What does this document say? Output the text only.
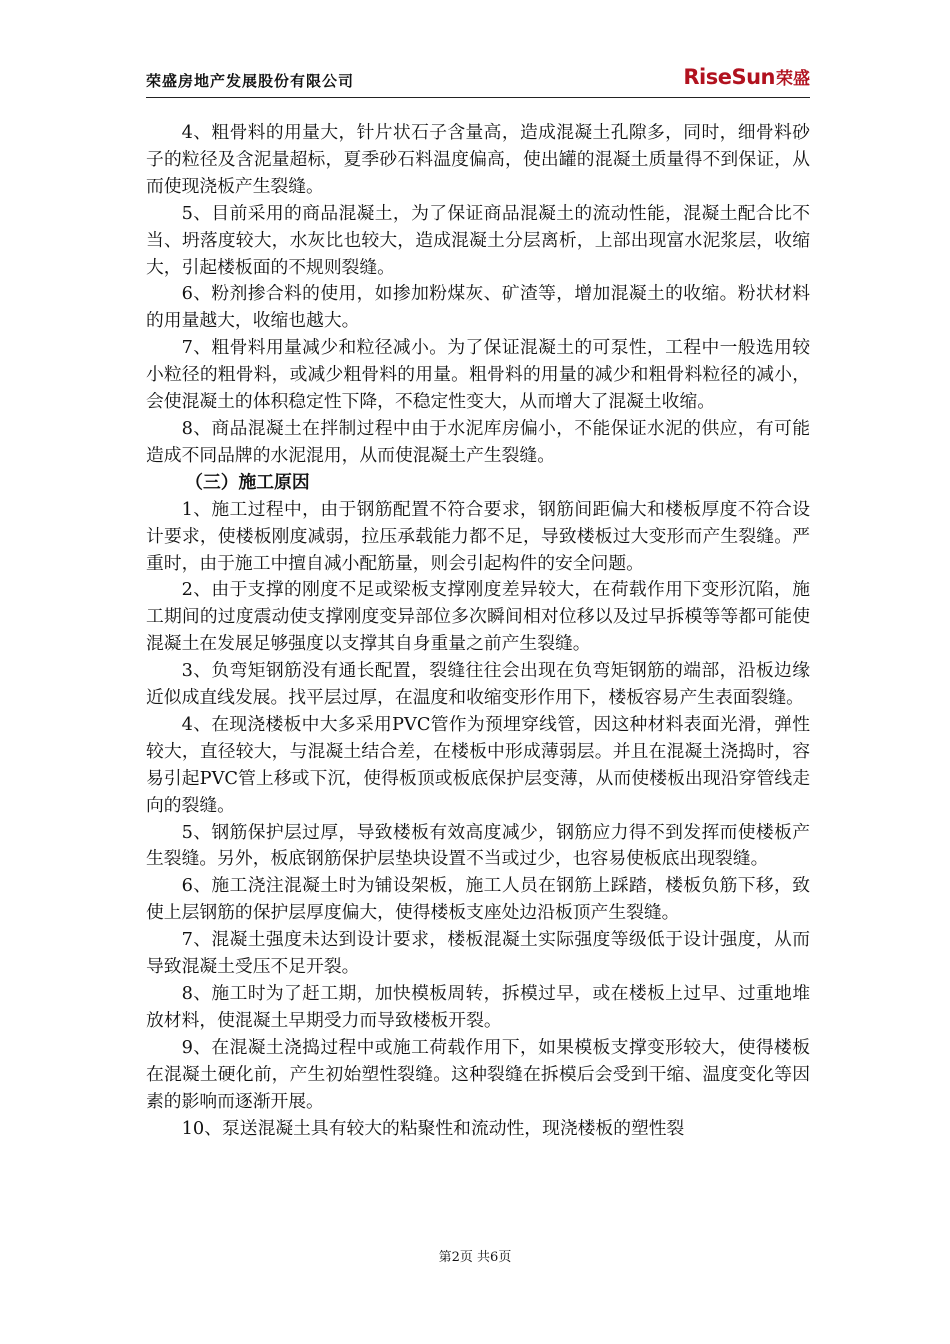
荣盛房地产发展股份有限公司	RiseSun荣盛

4、粗骨料的用量大，针片状石子含量高，造成混凝土孔隙多，同时，细骨料砂子的粒径及含泥量超标，夏季砂石料温度偏高，使出罐的混凝土质量得不到保证，从而使现浇板产生裂缝。

5、目前采用的商品混凝土，为了保证商品混凝土的流动性能，混凝土配合比不当、坍落度较大，水灰比也较大，造成混凝土分层离析，上部出现富水泥浆层，收缩大，引起楼板面的不规则裂缝。

6、粉剂掺合料的使用，如掺加粉煤灰、矿渣等，增加混凝土的收缩。粉状材料的用量越大，收缩也越大。

7、粗骨料用量减少和粒径减小。为了保证混凝土的可泵性，工程中一般选用较小粒径的粗骨料，或减少粗骨料的用量。粗骨料的用量的减少和粗骨料粒径的减小，会使混凝土的体积稳定性下降，不稳定性变大，从而增大了混凝土收缩。

8、商品混凝土在拌制过程中由于水泥库房偏小，不能保证水泥的供应，有可能造成不同品牌的水泥混用，从而使混凝土产生裂缝。

（三）施工原因

1、施工过程中，由于钢筋配置不符合要求，钢筋间距偏大和楼板厚度不符合设计要求，使楼板刚度减弱，拉压承载能力都不足，导致楼板过大变形而产生裂缝。严重时，由于施工中擅自减小配筋量，则会引起构件的安全问题。

2、由于支撑的刚度不足或梁板支撑刚度差异较大，在荷载作用下变形沉陷，施工期间的过度震动使支撑刚度变异部位多次瞬间相对位移以及过早拆模等等都可能使混凝土在发展足够强度以支撑其自身重量之前产生裂缝。

3、负弯矩钢筋没有通长配置，裂缝往往会出现在负弯矩钢筋的端部，沿板边缘近似成直线发展。找平层过厚，在温度和收缩变形作用下，楼板容易产生表面裂缝。

4、在现浇楼板中大多采用PVC管作为预埋穿线管，因这种材料表面光滑，弹性较大，直径较大，与混凝土结合差，在楼板中形成薄弱层。并且在混凝土浇捣时，容易引起PVC管上移或下沉，使得板顶或板底保护层变薄，从而使楼板出现沿穿管线走向的裂缝。

5、钢筋保护层过厚，导致楼板有效高度减少，钢筋应力得不到发挥而使楼板产生裂缝。另外，板底钢筋保护层垫块设置不当或过少，也容易使板底出现裂缝。

6、施工浇注混凝土时为铺设架板，施工人员在钢筋上踩踏，楼板负筋下移，致使上层钢筋的保护层厚度偏大，使得楼板支座处边沿板顶产生裂缝。

7、混凝土强度未达到设计要求，楼板混凝土实际强度等级低于设计强度，从而导致混凝土受压不足开裂。

8、施工时为了赶工期，加快模板周转，拆模过早，或在楼板上过早、过重地堆放材料，使混凝土早期受力而导致楼板开裂。

9、在混凝土浇捣过程中或施工荷载作用下，如果模板支撑变形较大，使得楼板在混凝土硬化前，产生初始塑性裂缝。这种裂缝在拆模后会受到干缩、温度变化等因素的影响而逐渐开展。

10、泵送混凝土具有较大的粘聚性和流动性，现浇楼板的塑性裂

第2页 共6页
